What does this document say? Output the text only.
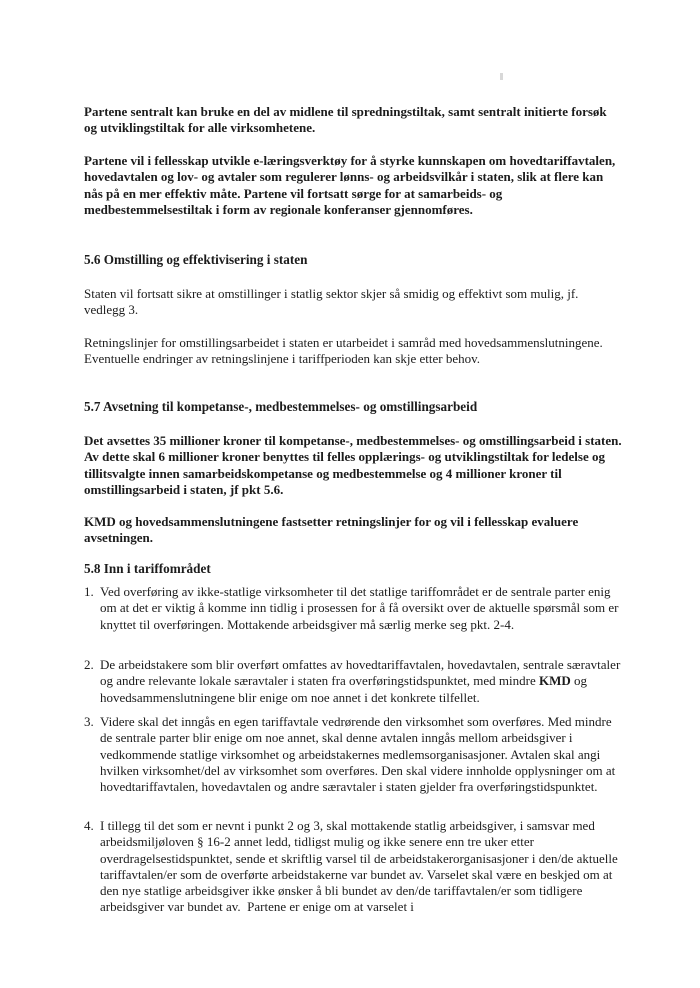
Partene sentralt kan bruke en del av midlene til spredningstiltak, samt sentralt initierte forsøk og utviklingstiltak for alle virksomhetene.
Partene vil i fellesskap utvikle e-læringsverktøy for å styrke kunnskapen om hovedtariffavtalen, hovedavtalen og lov- og avtaler som regulerer lønns- og arbeidsvilkår i staten, slik at flere kan nås på en mer effektiv måte. Partene vil fortsatt sørge for at samarbeids- og medbestemmelsestiltak i form av regionale konferanser gjennomføres.
5.6 Omstilling og effektivisering i staten
Staten vil fortsatt sikre at omstillinger i statlig sektor skjer så smidig og effektivt som mulig, jf. vedlegg 3.
Retningslinjer for omstillingsarbeidet i staten er utarbeidet i samråd med hovedsammenslutningene. Eventuelle endringer av retningslinjene i tariffperioden kan skje etter behov.
5.7 Avsetning til kompetanse-, medbestemmelses- og omstillingsarbeid
Det avsettes 35 millioner kroner til kompetanse-, medbestemmelses- og omstillingsarbeid i staten.  Av dette skal 6 millioner kroner benyttes til felles opplærings- og utviklingstiltak for ledelse og tillitsvalgte innen samarbeidskompetanse og medbestemmelse og 4 millioner kroner til omstillingsarbeid i staten, jf pkt 5.6.
KMD og hovedsammenslutningene fastsetter retningslinjer for og vil i fellesskap evaluere avsetningen.
5.8 Inn i tariffområdet
1. Ved overføring av ikke-statlige virksomheter til det statlige tariffområdet er de sentrale parter enig om at det er viktig å komme inn tidlig i prosessen for å få oversikt over de aktuelle spørsmål som er knyttet til overføringen. Mottakende arbeidsgiver må særlig merke seg pkt. 2-4.
2. De arbeidstakere som blir overført omfattes av hovedtariffavtalen, hovedavtalen, sentrale særavtaler og andre relevante lokale særavtaler i staten fra overføringstidspunktet, med mindre KMD og hovedsammenslutningene blir enige om noe annet i det konkrete tilfellet.
3. Videre skal det inngås en egen tariffavtale vedrørende den virksomhet som overføres. Med mindre de sentrale parter blir enige om noe annet, skal denne avtalen inngås mellom arbeidsgiver i vedkommende statlige virksomhet og arbeidstakernes medlemsorganisasjoner. Avtalen skal angi hvilken virksomhet/del av virksomhet som overføres. Den skal videre innholde opplysninger om at hovedtariffavtalen, hovedavtalen og andre særavtaler i staten gjelder fra overføringstidspunktet.
4. I tillegg til det som er nevnt i punkt 2 og 3, skal mottakende statlig arbeidsgiver, i samsvar med arbeidsmiljøloven § 16-2 annet ledd, tidligst mulig og ikke senere enn tre uker etter overdragelsestidspunktet, sende et skriftlig varsel til de arbeidstakerorganisasjoner i den/de aktuelle tariffavtalen/er som de overførte arbeidstakerne var bundet av. Varselet skal være en beskjed om at den nye statlige arbeidsgiver ikke ønsker å bli bundet av den/de tariffavtalen/er som tidligere arbeidsgiver var bundet av.  Partene er enige om at varselet i
